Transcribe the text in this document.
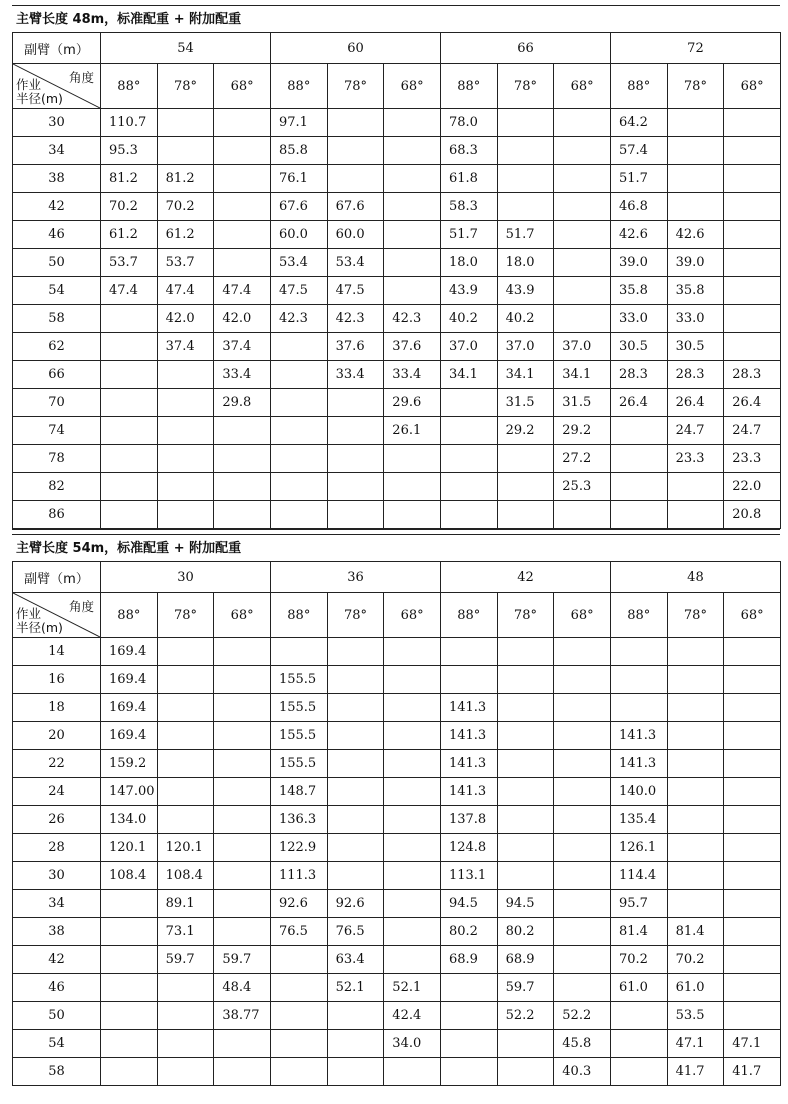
主臂长度 48m，标准配重 + 附加配重
副臂（m）	54			60			66			72		

角度
作业
半径(m)	88°	78°	68°	88°	78°	68°	88°	78°	68°	88°	78°	68°
30	110.7			97.1			78.0			64.2		
34	95.3			85.8			68.3			57.4		
38	81.2	81.2		76.1			61.8			51.7		
42	70.2	70.2		67.6	67.6		58.3			46.8		
46	61.2	61.2		60.0	60.0		51.7	51.7		42.6	42.6	
50	53.7	53.7		53.4	53.4		18.0	18.0		39.0	39.0	
54	47.4	47.4	47.4	47.5	47.5		43.9	43.9		35.8	35.8	
58		42.0	42.0	42.3	42.3	42.3	40.2	40.2		33.0	33.0	
62		37.4	37.4		37.6	37.6	37.0	37.0	37.0	30.5	30.5	
66			33.4		33.4	33.4	34.1	34.1	34.1	28.3	28.3	28.3
70			29.8			29.6		31.5	31.5	26.4	26.4	26.4
74						26.1		29.2	29.2		24.7	24.7
78									27.2		23.3	23.3
82									25.3			22.0
86												20.8
主臂长度 54m，标准配重 + 附加配重
副臂（m）	30			36			42			48		

角度
作业
半径(m)	88°	78°	68°	88°	78°	68°	88°	78°	68°	88°	78°	68°
14	169.4											
16	169.4			155.5								
18	169.4			155.5			141.3					
20	169.4			155.5			141.3			141.3		
22	159.2			155.5			141.3			141.3		
24	147.00			148.7			141.3			140.0		
26	134.0			136.3			137.8			135.4		
28	120.1	120.1		122.9			124.8			126.1		
30	108.4	108.4		111.3			113.1			114.4		
34		89.1		92.6	92.6		94.5	94.5		95.7		
38		73.1		76.5	76.5		80.2	80.2		81.4	81.4	
42		59.7	59.7		63.4		68.9	68.9		70.2	70.2	
46			48.4		52.1	52.1		59.7		61.0	61.0	
50			38.77			42.4		52.2	52.2		53.5	
54						34.0			45.8		47.1	47.1
58									40.3		41.7	41.7
